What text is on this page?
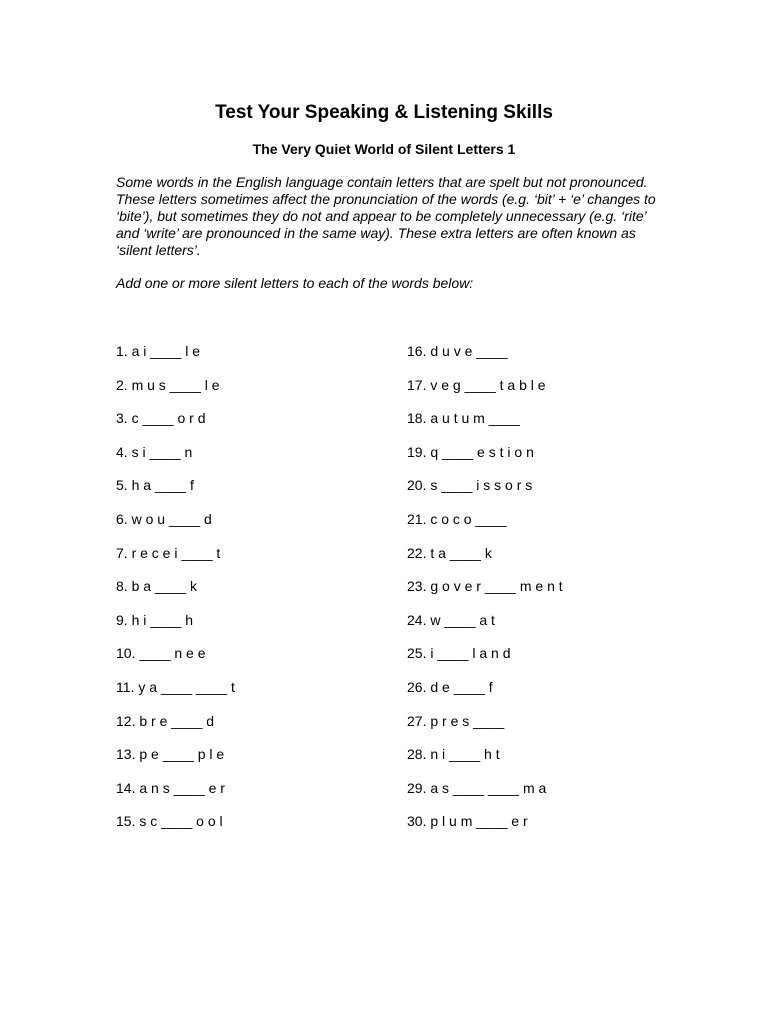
Test Your Speaking & Listening Skills
The Very Quiet World of Silent Letters 1

Some words in the English language contain letters that are spelt but not pronounced. These letters sometimes affect the pronunciation of the words (e.g. ‘bit’ + ‘e’ changes to ‘bite’), but sometimes they do not and appear to be completely unnecessary (e.g. ‘rite’ and ‘write’ are pronounced in the same way). These extra letters are often known as ‘silent letters’.

Add one or more silent letters to each of the words below:

1. a i ____ l e
2. m u s ____ l e
3. c ____ o r d
4. s i ____ n
5. h a ____ f
6. w o u ____ d
7. r e c e i ____ t
8. b a ____ k
9. h i ____ h
10. ____ n e e
11. y a ____ ____ t
12. b r e ____ d
13. p e ____ p l e
14. a n s ____ e r
15. s c ____ o o l
16. d u v e ____
17. v e g ____ t a b l e
18. a u t u m ____
19. q ____ e s t i o n
20. s ____ i s s o r s
21. c o c o ____
22. t a ____ k
23. g o v e r ____ m e n t
24. w ____ a t
25. i ____ l a n d
26. d e ____ f
27. p r e s ____
28. n i ____ h t
29. a s ____ ____ m a
30. p l u m ____ e r
